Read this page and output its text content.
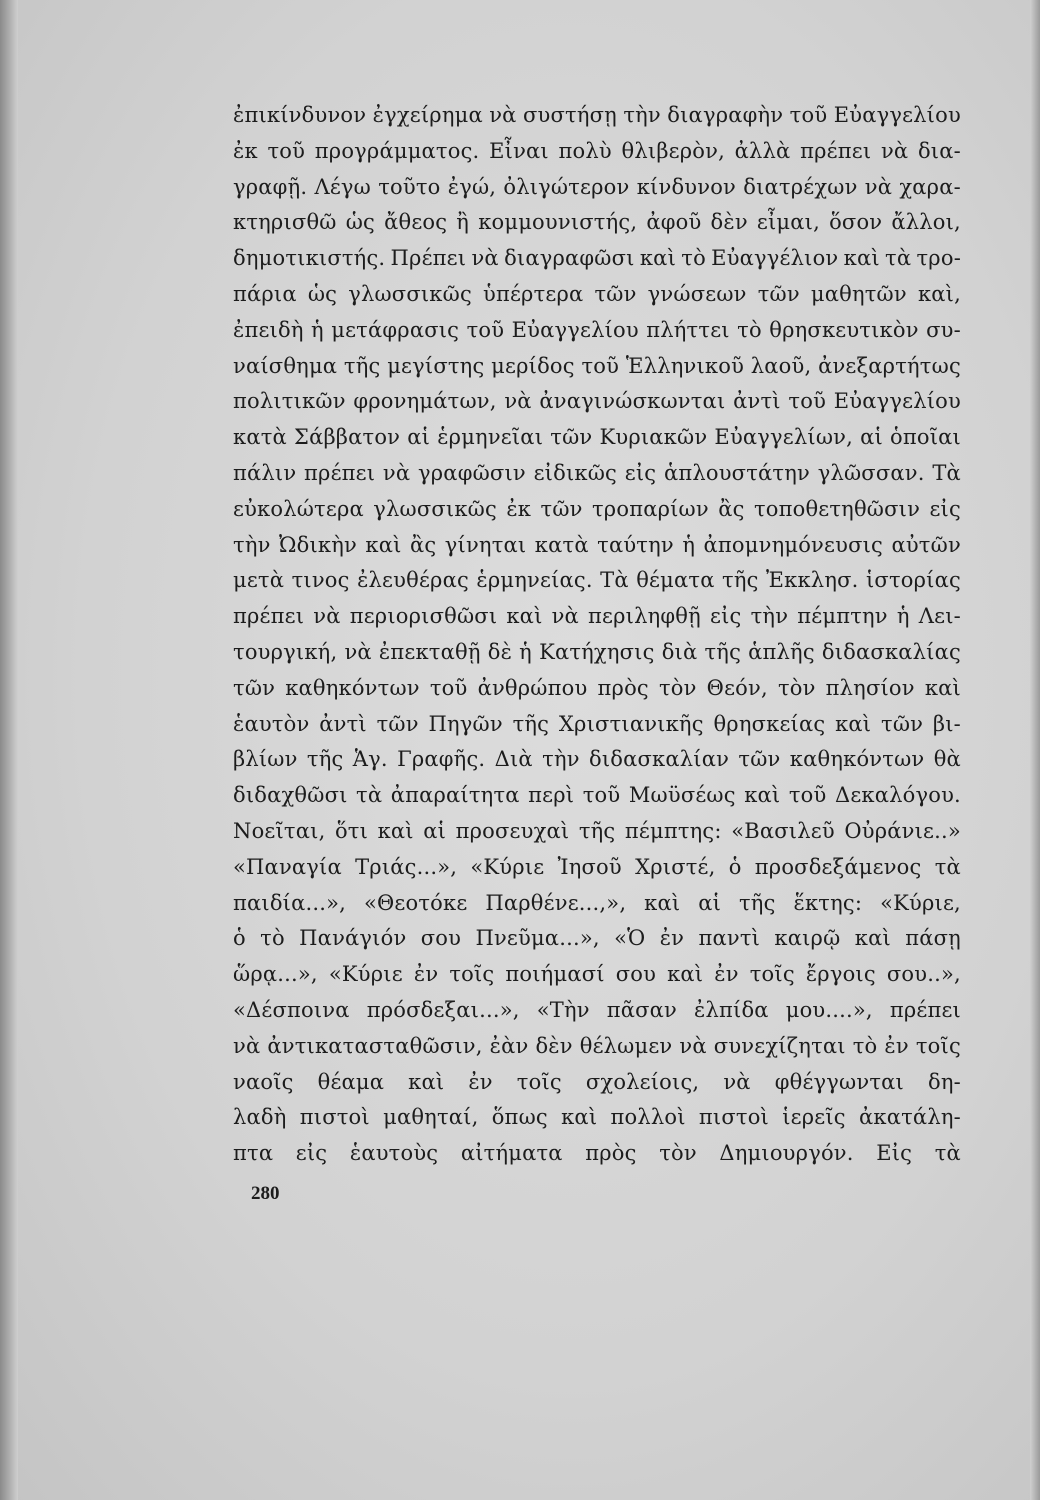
ἐπικίνδυνον ἐγχείρημα νὰ συστήσῃ τὴν διαγραφὴν τοῦ Εὐαγγελίου
ἐκ τοῦ προγράμματος. Εἶναι πολὺ θλιβερὸν, ἀλλὰ πρέπει νὰ δια-
γραφῇ. Λέγω τοῦτο ἐγώ, ὀλιγώτερον κίνδυνον διατρέχων νὰ χαρα-
κτηρισθῶ ὡς ἄθεος ἢ κομμουνιστής, ἀφοῦ δὲν εἶμαι, ὅσον ἄλλοι,
δημοτικιστής. Πρέπει νὰ διαγραφῶσι καὶ τὸ Εὐαγγέλιον καὶ τὰ τρο-
πάρια ὡς γλωσσικῶς ὑπέρτερα τῶν γνώσεων τῶν μαθητῶν καὶ,
ἐπειδὴ ἡ μετάφρασις τοῦ Εὐαγγελίου πλήττει τὸ θρησκευτικὸν συ-
ναίσθημα τῆς μεγίστης μερίδος τοῦ Ἑλληνικοῦ λαοῦ, ἀνεξαρτήτως
πολιτικῶν φρονημάτων, νὰ ἀναγινώσκωνται ἀντὶ τοῦ Εὐαγγελίου
κατὰ Σάββατον αἱ ἑρμηνεῖαι τῶν Κυριακῶν Εὐαγγελίων, αἱ ὁποῖαι
πάλιν πρέπει νὰ γραφῶσιν εἰδικῶς εἰς ἁπλουστάτην γλῶσσαν. Τὰ
εὐκολώτερα γλωσσικῶς ἐκ τῶν τροπαρίων ἂς τοποθετηθῶσιν εἰς
τὴν Ὠδικὴν καὶ ἂς γίνηται κατὰ ταύτην ἡ ἀπομνημόνευσις αὐτῶν
μετὰ τινος ἐλευθέρας ἑρμηνείας. Τὰ θέματα τῆς Ἐκκλησ. ἱστορίας
πρέπει νὰ περιορισθῶσι καὶ νὰ περιληφθῇ εἰς τὴν πέμπτην ἡ Λει-
τουργική, νὰ ἐπεκταθῇ δὲ ἡ Κατήχησις διὰ τῆς ἁπλῆς διδασκαλίας
τῶν καθηκόντων τοῦ ἀνθρώπου πρὸς τὸν Θεόν, τὸν πλησίον καὶ
ἑαυτὸν ἀντὶ τῶν Πηγῶν τῆς Χριστιανικῆς θρησκείας καὶ τῶν βι-
βλίων τῆς Ἁγ. Γραφῆς. Διὰ τὴν διδασκαλίαν τῶν καθηκόντων θὰ
διδαχθῶσι τὰ ἀπαραίτητα περὶ τοῦ Μωϋσέως καὶ τοῦ Δεκαλόγου.
Νοεῖται, ὅτι καὶ αἱ προσευχαὶ τῆς πέμπτης: «Βασιλεῦ Οὐράνιε..»
«Παναγία Τριάς...», «Κύριε Ἰησοῦ Χριστέ, ὁ προσδεξάμενος τὰ
παιδία...», «Θεοτόκε Παρθένε...,», καὶ αἱ τῆς ἕκτης: «Κύριε,
ὁ τὸ Πανάγιόν σου Πνεῦμα...», «Ὁ ἐν παντὶ καιρῷ καὶ πάσῃ
ὥρᾳ...», «Κύριε ἐν τοῖς ποιήμασί σου καὶ ἐν τοῖς ἔργοις σου..»,
«Δέσποινα πρόσδεξαι...», «Τὴν πᾶσαν ἐλπίδα μου....», πρέπει
νὰ ἀντικατασταθῶσιν, ἐὰν δὲν θέλωμεν νὰ συνεχίζηται τὸ ἐν τοῖς
ναοῖς θέαμα καὶ ἐν τοῖς σχολείοις, νὰ φθέγγωνται δη-
λαδὴ πιστοὶ μαθηταί, ὅπως καὶ πολλοὶ πιστοὶ ἱερεῖς ἀκατάλη-
πτα εἰς ἑαυτοὺς αἰτήματα πρὸς τὸν Δημιουργόν. Εἰς τὰ
280
